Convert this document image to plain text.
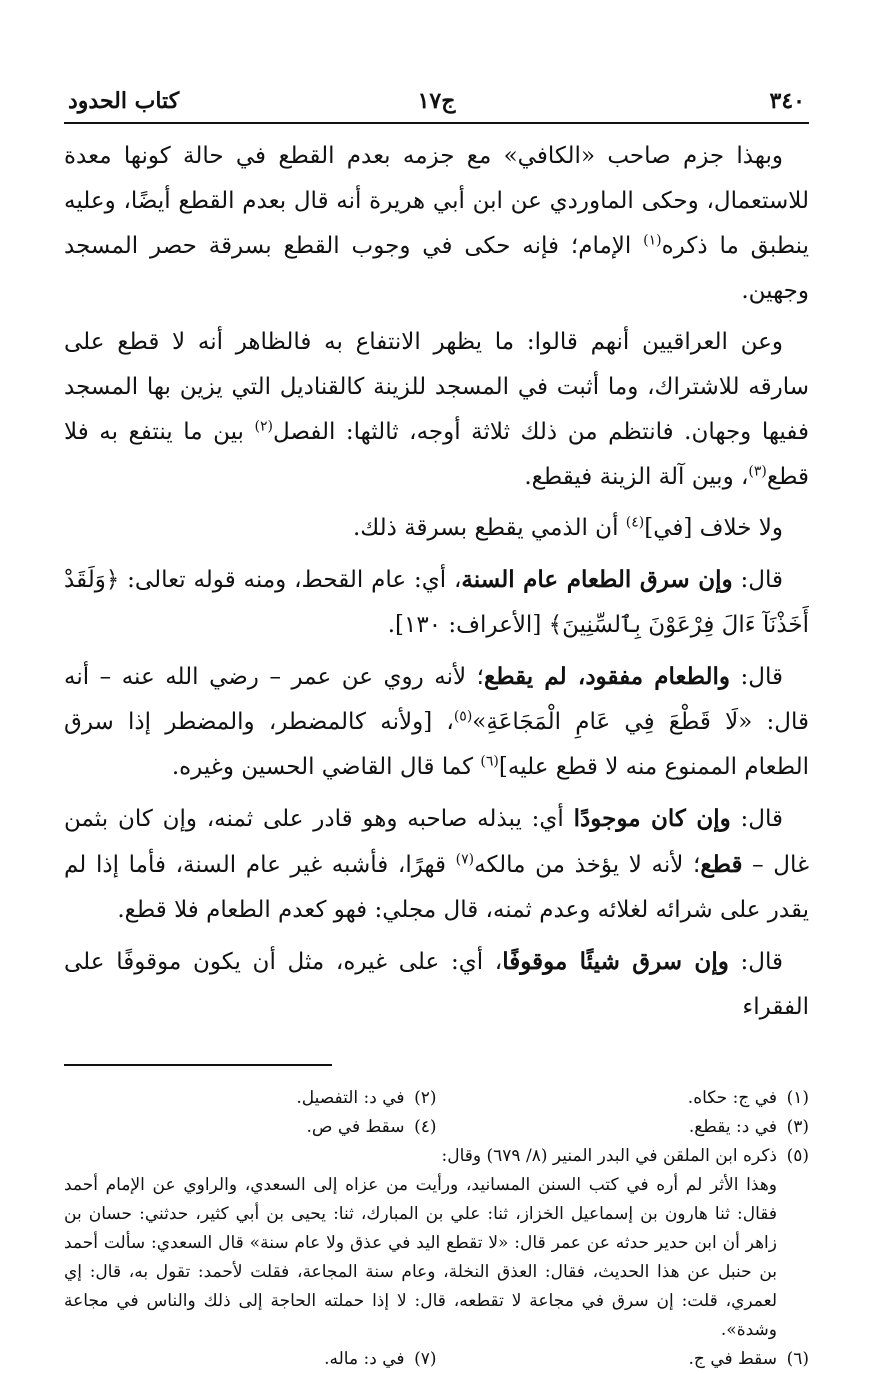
٣٤٠
ج١٧
كتاب الحدود

وبهذا جزم صاحب «الكافي» مع جزمه بعدم القطع في حالة كونها معدة للاستعمال، وحكى الماوردي عن ابن أبي هريرة أنه قال بعدم القطع أيضًا، وعليه ينطبق ما ذكره$^{(١)}$ الإمام؛ فإنه حكى في وجوب القطع بسرقة حصر المسجد وجهين.

وعن العراقيين أنهم قالوا: ما يظهر الانتفاع به فالظاهر أنه لا قطع على سارقه للاشتراك، وما أثبت في المسجد للزينة كالقناديل التي يزين بها المسجد ففيها وجهان. فانتظم من ذلك ثلاثة أوجه، ثالثها: الفصل$^{(٢)}$ بين ما ينتفع به فلا قطع$^{(٣)}$، وبين آلة الزينة فيقطع.

ولا خلاف [في]$^{(٤)}$ أن الذمي يقطع بسرقة ذلك.

قال: وإن سرق الطعام عام السنة، أي: عام القحط، ومنه قوله تعالى: ﴿وَلَقَدْ أَخَذْنَآ ءَالَ فِرْعَوْنَ بِٱلسِّنِينَ﴾ [الأعراف: ١٣٠].

قال: والطعام مفقود، لم يقطع؛ لأنه روي عن عمر – رضي الله عنه – أنه قال: «لَا قَطْعَ فِي عَامِ الْمَجَاعَةِ»$^{(٥)}$، [ولأنه كالمضطر، والمضطر إذا سرق الطعام الممنوع منه لا قطع عليه]$^{(٦)}$ كما قال القاضي الحسين وغيره.

قال: وإن كان موجودًا أي: يبذله صاحبه وهو قادر على ثمنه، وإن كان بثمن غال – قطع؛ لأنه لا يؤخذ من مالكه$^{(٧)}$ قهرًا، فأشبه غير عام السنة، فأما إذا لم يقدر على شرائه لغلائه وعدم ثمنه، قال مجلي: فهو كعدم الطعام فلا قطع.

قال: وإن سرق شيئًا موقوفًا، أي: على غيره، مثل أن يكون موقوفًا على الفقراء

(١)في ج: حكاه.
(٢)في د: التفصيل.
(٣)في د: يقطع.
(٤)سقط في ص.
(٥)ذكره ابن الملقن في البدر المنير (٨/ ٦٧٩) وقال:
وهذا الأثر لم أره في كتب السنن المسانيد، ورأيت من عزاه إلى السعدي، والراوي عن الإمام أحمد فقال: ثنا هارون بن إسماعيل الخزاز، ثنا: علي بن المبارك، ثنا: يحيى بن أبي كثير، حدثني: حسان بن زاهر أن ابن حدير حدثه عن عمر قال: «لا تقطع اليد في عذق ولا عام سنة» قال السعدي: سألت أحمد بن حنبل عن هذا الحديث، فقال: العذق النخلة، وعام سنة المجاعة، فقلت لأحمد: تقول به، قال: إي لعمري، قلت: إن سرق في مجاعة لا تقطعه، قال: لا إذا حملته الحاجة إلى ذلك والناس في مجاعة وشدة».
(٦)سقط في ج.
(٧)في د: ماله.
